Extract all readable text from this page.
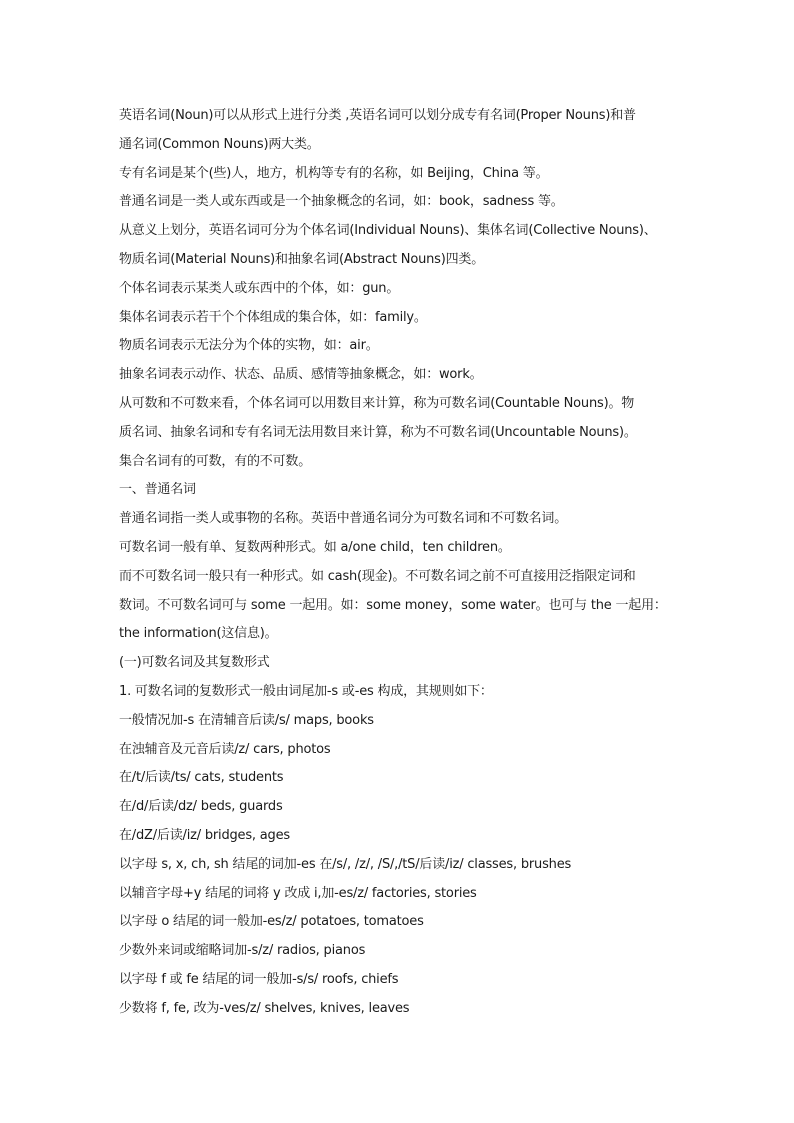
英语名词(Noun)可以从形式上进行分类 ,英语名词可以划分成专有名词(Proper Nouns)和普
通名词(Common Nouns)两大类。
专有名词是某个(些)人，地方，机构等专有的名称，如 Beijing，China 等。
普通名词是一类人或东西或是一个抽象概念的名词，如：book，sadness 等。
从意义上划分，英语名词可分为个体名词(Individual Nouns)、集体名词(Collective Nouns)、
物质名词(Material Nouns)和抽象名词(Abstract Nouns)四类。
个体名词表示某类人或东西中的个体，如：gun。
集体名词表示若干个个体组成的集合体，如：family。
物质名词表示无法分为个体的实物，如：air。
抽象名词表示动作、状态、品质、感情等抽象概念，如：work。
从可数和不可数来看，个体名词可以用数目来计算，称为可数名词(Countable Nouns)。物
质名词、抽象名词和专有名词无法用数目来计算，称为不可数名词(Uncountable Nouns)。
集合名词有的可数，有的不可数。
一、普通名词
普通名词指一类人或事物的名称。英语中普通名词分为可数名词和不可数名词。
可数名词一般有单、复数两种形式。如 a/one child，ten children。
而不可数名词一般只有一种形式。如 cash(现金)。不可数名词之前不可直接用泛指限定词和
数词。不可数名词可与 some 一起用。如：some money，some water。也可与 the 一起用：
the information(这信息)。
(一)可数名词及其复数形式
1. 可数名词的复数形式一般由词尾加-s 或-es 构成，其规则如下：
一般情况加-s 在清辅音后读/s/ maps, books
在浊辅音及元音后读/z/ cars, photos
在/t/后读/ts/ cats, students
在/d/后读/dz/ beds, guards
在/dZ/后读/iz/ bridges, ages
以字母 s, x, ch, sh 结尾的词加-es 在/s/, /z/, /S/,/tS/后读/iz/ classes, brushes
以辅音字母+y 结尾的词将 y 改成 i,加-es/z/ factories, stories
以字母 o 结尾的词一般加-es/z/ potatoes, tomatoes
少数外来词或缩略词加-s/z/ radios, pianos
以字母 f 或 fe 结尾的词一般加-s/s/ roofs, chiefs
少数将 f, fe, 改为-ves/z/ shelves, knives, leaves
